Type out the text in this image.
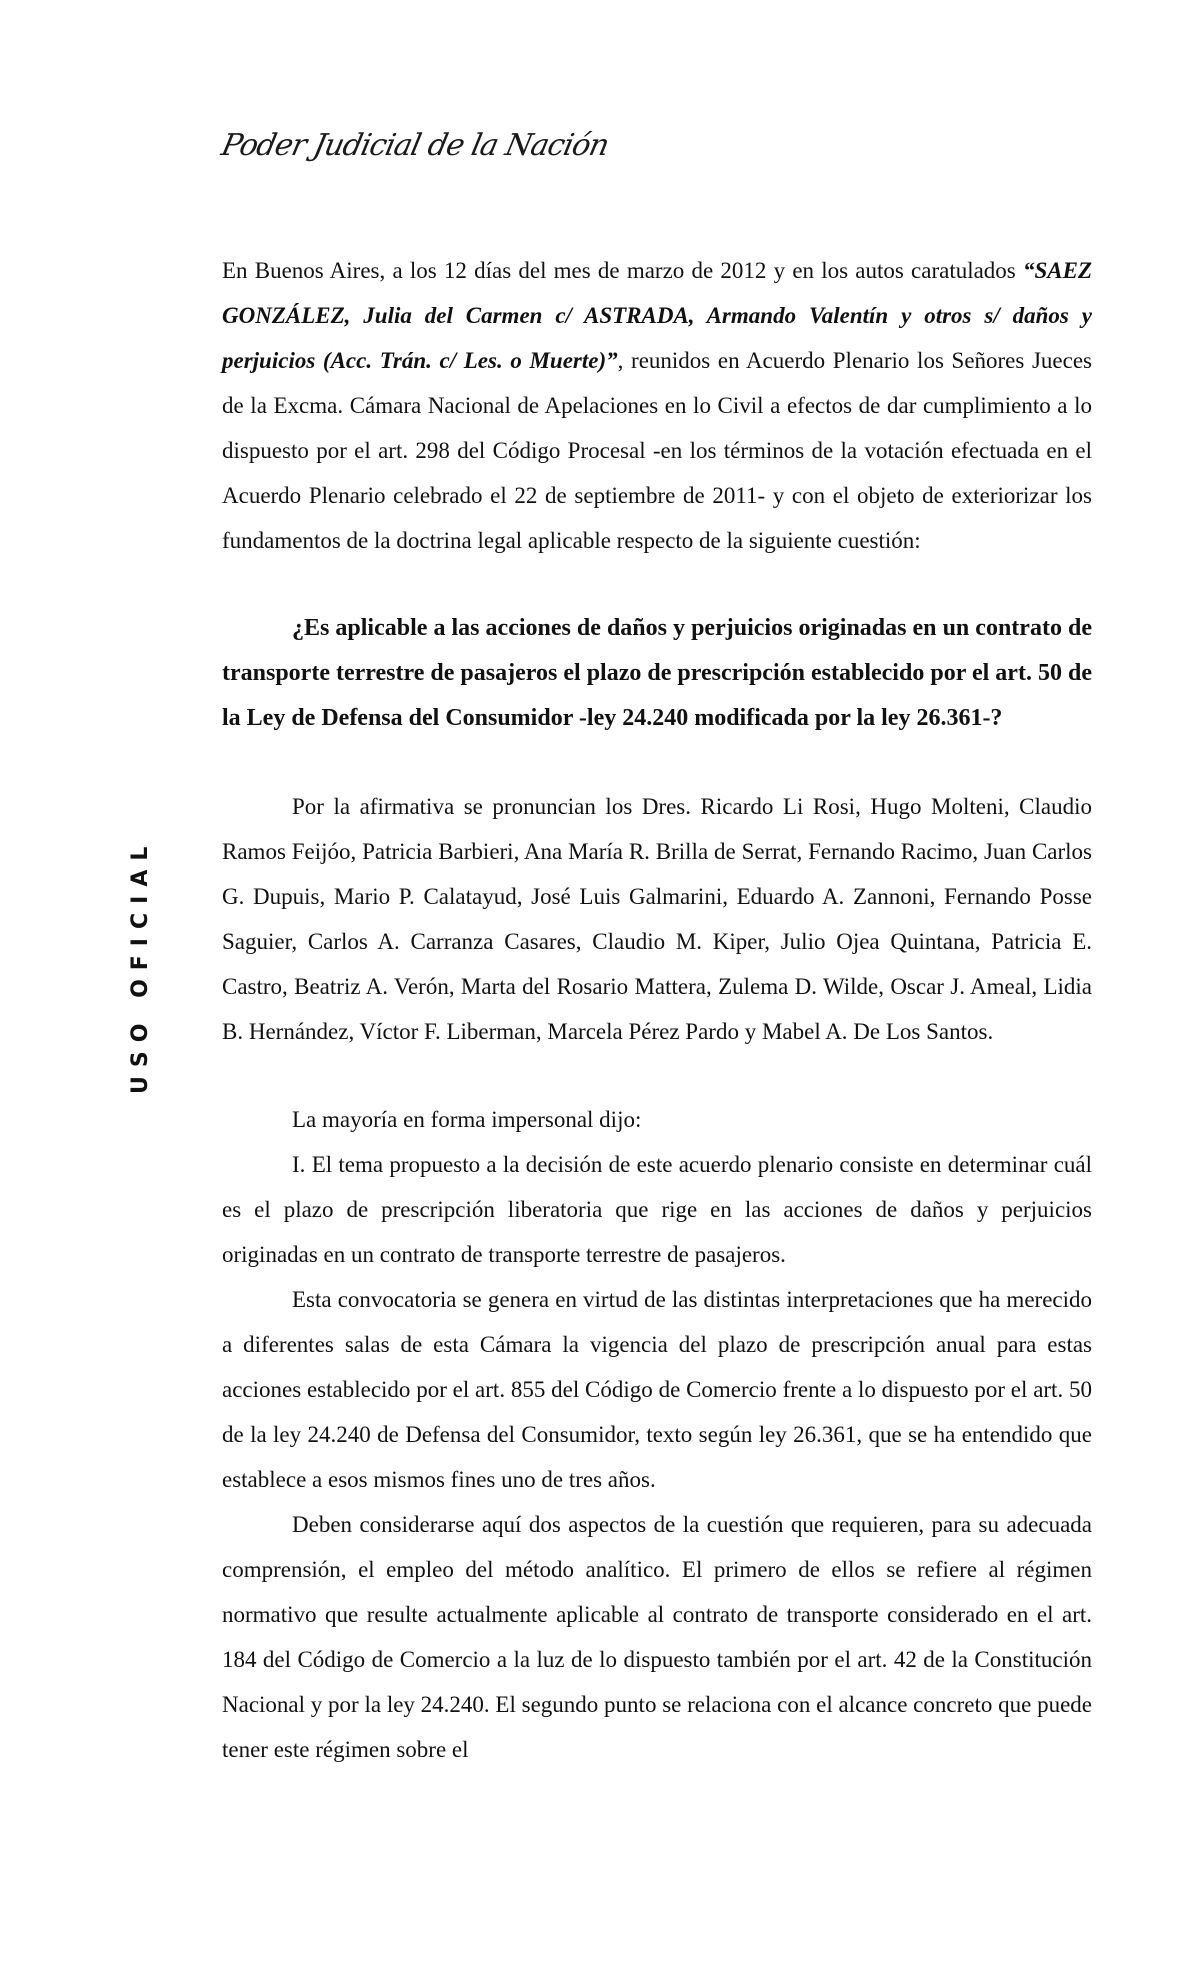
Poder Judicial de la Nación
USO OFICIAL

En Buenos Aires, a los 12 días del mes de marzo de 2012 y en los autos caratulados “SAEZ GONZÁLEZ, Julia del Carmen c/ ASTRADA, Armando Valentín y otros s/ daños y perjuicios (Acc. Trán. c/ Les. o Muerte)”, reunidos en Acuerdo Plenario los Señores Jueces de la Excma. Cámara Nacional de Apelaciones en lo Civil a efectos de dar cumplimiento a lo dispuesto por el art. 298 del Código Procesal -en los términos de la votación efectuada en el Acuerdo Plenario celebrado el 22 de septiembre de 2011- y con el objeto de exteriorizar los fundamentos de la doctrina legal aplicable respecto de la siguiente cuestión:

¿Es aplicable a las acciones de daños y perjuicios originadas en un contrato de transporte terrestre de pasajeros el plazo de prescripción establecido por el art. 50 de la Ley de Defensa del Consumidor -ley 24.240 modificada por la ley 26.361-?

Por la afirmativa se pronuncian los Dres. Ricardo Li Rosi, Hugo Molteni, Claudio Ramos Feijóo, Patricia Barbieri, Ana María R. Brilla de Serrat, Fernando Racimo, Juan Carlos G. Dupuis, Mario P. Calatayud, José Luis Galmarini, Eduardo A. Zannoni, Fernando Posse Saguier, Carlos A. Carranza Casares, Claudio M. Kiper, Julio Ojea Quintana, Patricia E. Castro, Beatriz A. Verón, Marta del Rosario Mattera, Zulema D. Wilde, Oscar J. Ameal, Lidia B. Hernández, Víctor F. Liberman, Marcela Pérez Pardo y Mabel A. De Los Santos.

La mayoría en forma impersonal dijo:

I. El tema propuesto a la decisión de este acuerdo plenario consiste en determinar cuál es el plazo de prescripción liberatoria que rige en las acciones de daños y perjuicios originadas en un contrato de transporte terrestre de pasajeros.

Esta convocatoria se genera en virtud de las distintas interpretaciones que ha merecido a diferentes salas de esta Cámara la vigencia del plazo de prescripción anual para estas acciones establecido por el art. 855 del Código de Comercio frente a lo dispuesto por el art. 50 de la ley 24.240 de Defensa del Consumidor, texto según ley 26.361, que se ha entendido que establece a esos mismos fines uno de tres años.

Deben considerarse aquí dos aspectos de la cuestión que requieren, para su adecuada comprensión, el empleo del método analítico. El primero de ellos se refiere al régimen normativo que resulte actualmente aplicable al contrato de transporte considerado en el art. 184 del Código de Comercio a la luz de lo dispuesto también por el art. 42 de la Constitución Nacional y por la ley 24.240. El segundo punto se relaciona con el alcance concreto que puede tener este régimen sobre el
